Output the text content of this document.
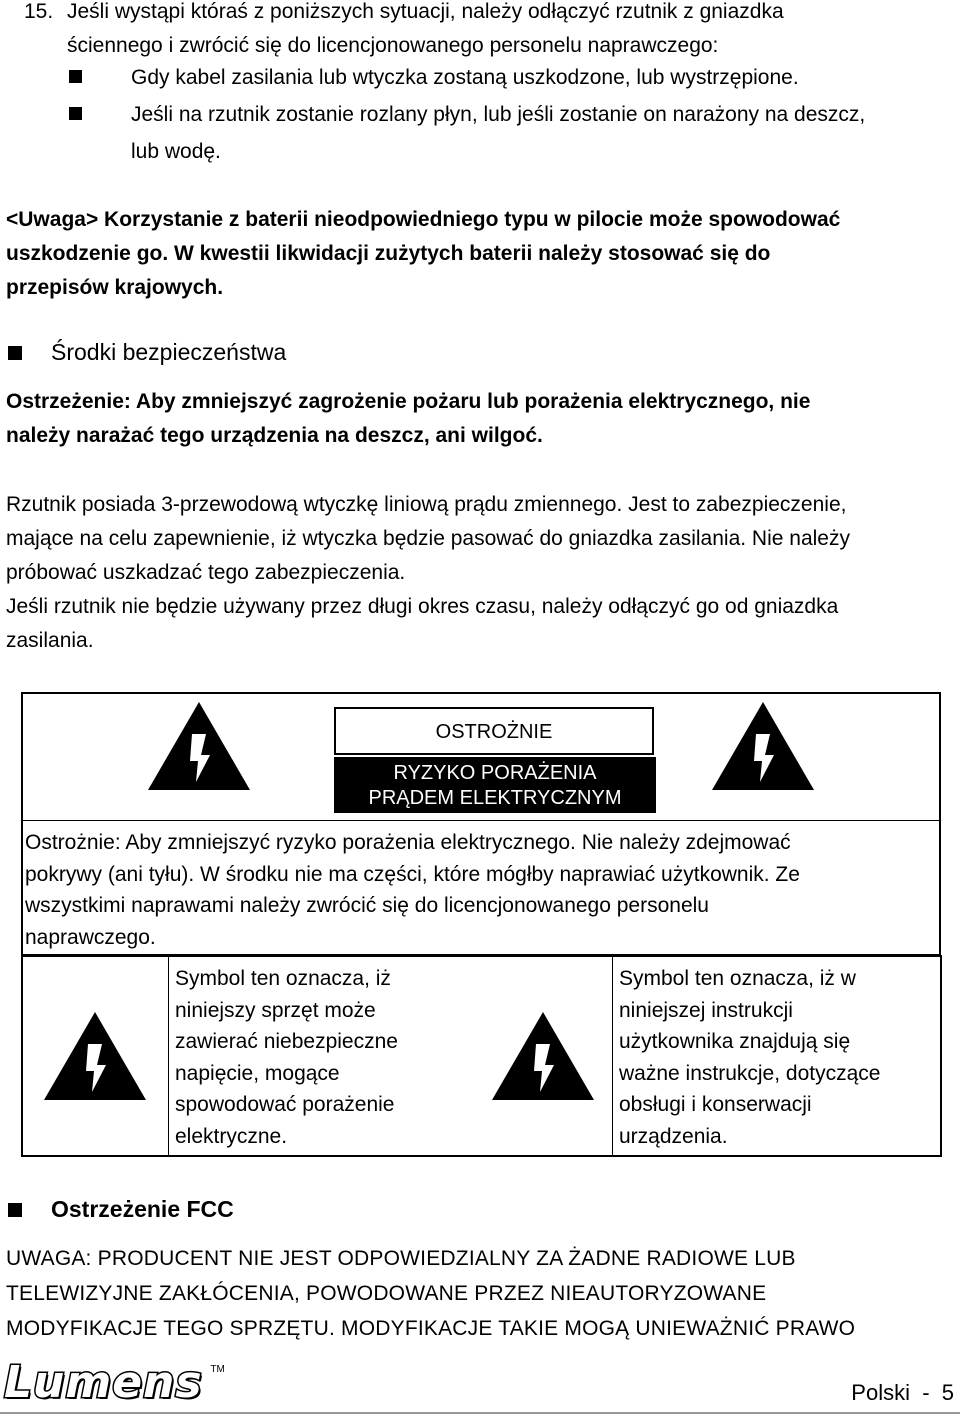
15. Jeśli wystąpi któraś z poniższych sytuacji, należy odłączyć rzutnik z gniazdka
ściennego i zwrócić się do licencjonowanego personelu naprawczego:
Gdy kabel zasilania lub wtyczka zostaną uszkodzone, lub wystrzępione.
Jeśli na rzutnik zostanie rozlany płyn, lub jeśli zostanie on narażony na deszcz,
lub wodę.
<Uwaga> Korzystanie z baterii nieodpowiedniego typu w pilocie może spowodować
uszkodzenie go. W kwestii likwidacji zużytych baterii należy stosować się do
przepisów krajowych.
Środki bezpieczeństwa
Ostrzeżenie: Aby zmniejszyć zagrożenie pożaru lub porażenia elektrycznego, nie
należy narażać tego urządzenia na deszcz, ani wilgoć.
Rzutnik posiada 3-przewodową wtyczkę liniową prądu zmiennego. Jest to zabezpieczenie,
mające na celu zapewnienie, iż wtyczka będzie pasować do gniazdka zasilania. Nie należy
próbować uszkadzać tego zabezpieczenia.
Jeśli rzutnik nie będzie używany przez długi okres czasu, należy odłączyć go od gniazdka
zasilania.
OSTROŻNIE
RYZYKO PORAŻENIA
PRĄDEM ELEKTRYCZNYM
Ostrożnie: Aby zmniejszyć ryzyko porażenia elektrycznego. Nie należy zdejmować
pokrywy (ani tyłu). W środku nie ma części, które mógłby naprawiać użytkownik. Ze
wszystkimi naprawami należy zwrócić się do licencjonowanego personelu
naprawczego.
Symbol ten oznacza, iż
niniejszy sprzęt może
zawierać niebezpieczne
napięcie, mogące
spowodować porażenie
elektryczne.
Symbol ten oznacza, iż w
niniejszej instrukcji
użytkownika znajdują się
ważne instrukcje, dotyczące
obsługi i konserwacji
urządzenia.
Ostrzeżenie FCC
UWAGA: PRODUCENT NIE JEST ODPOWIEDZIALNY ZA ŻADNE RADIOWE LUB
TELEWIZYJNE ZAKŁÓCENIA, POWODOWANE PRZEZ NIEAUTORYZOWANE
MODYFIKACJE TEGO SPRZĘTU. MODYFIKACJE TAKIE MOGĄ UNIEWAŻNIĆ PRAWO
Lumens ™
Polski  -  5
